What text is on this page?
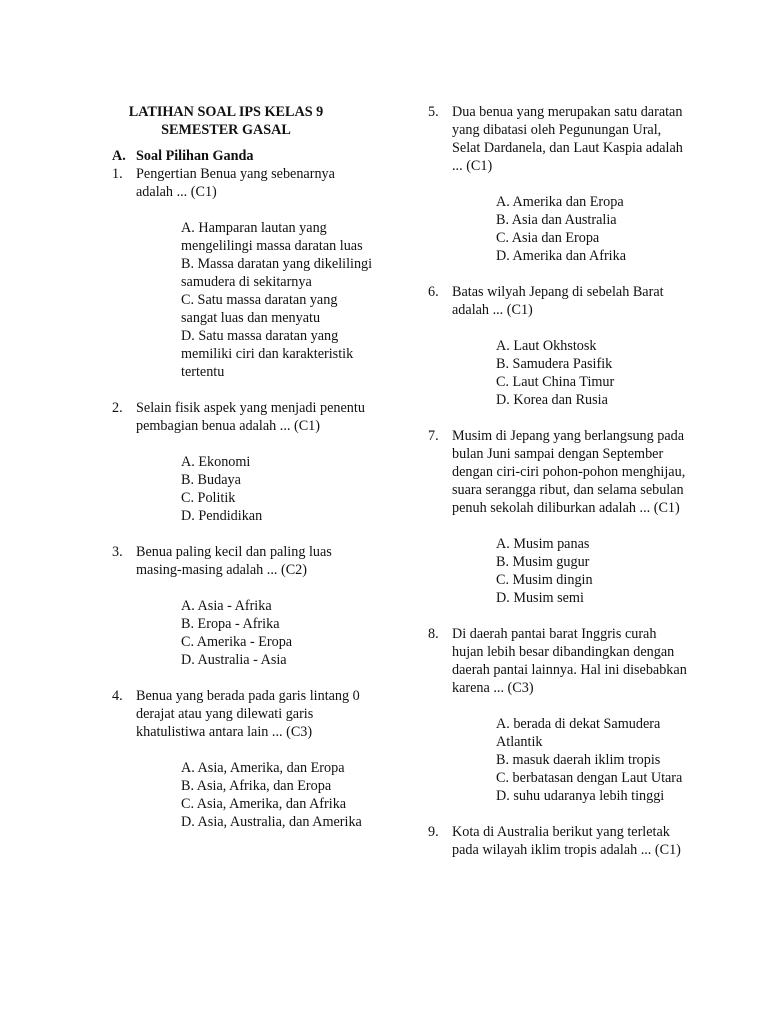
LATIHAN SOAL IPS KELAS 9
SEMESTER GASAL
A. Soal Pilihan Ganda
1. Pengertian Benua yang sebenarnya adalah ... (C1)
A. Hamparan lautan yang mengelilingi massa daratan luas
B. Massa daratan yang dikelilingi samudera di sekitarnya
C. Satu massa daratan yang sangat luas dan menyatu
D. Satu massa daratan yang memiliki ciri dan karakteristik tertentu
2. Selain fisik aspek yang menjadi penentu pembagian benua adalah ... (C1)
A. Ekonomi
B. Budaya
C. Politik
D. Pendidikan
3. Benua paling kecil dan paling luas masing-masing adalah ... (C2)
A. Asia - Afrika
B. Eropa - Afrika
C. Amerika - Eropa
D. Australia - Asia
4. Benua yang berada pada garis lintang 0 derajat atau yang dilewati garis khatulistiwa antara lain ... (C3)
A. Asia, Amerika, dan Eropa
B. Asia, Afrika, dan Eropa
C. Asia, Amerika, dan Afrika
D. Asia, Australia, dan Amerika
5. Dua benua yang merupakan satu daratan yang dibatasi oleh Pegunungan Ural, Selat Dardanela, dan Laut Kaspia adalah ... (C1)
A. Amerika dan Eropa
B. Asia dan Australia
C. Asia dan Eropa
D. Amerika dan Afrika
6. Batas wilyah Jepang di sebelah Barat adalah ... (C1)
A. Laut Okhstosk
B. Samudera Pasifik
C. Laut China Timur
D. Korea dan Rusia
7. Musim di Jepang yang berlangsung pada bulan Juni sampai dengan September dengan ciri-ciri pohon-pohon menghijau, suara serangga ribut, dan selama sebulan penuh sekolah diliburkan adalah ... (C1)
A. Musim panas
B. Musim gugur
C. Musim dingin
D. Musim semi
8. Di daerah pantai barat Inggris curah hujan lebih besar dibandingkan dengan daerah pantai lainnya. Hal ini disebabkan karena ... (C3)
A. berada di dekat Samudera Atlantik
B. masuk daerah iklim tropis
C. berbatasan dengan Laut Utara
D. suhu udaranya lebih tinggi
9. Kota di Australia berikut yang terletak pada wilayah iklim tropis adalah ... (C1)
